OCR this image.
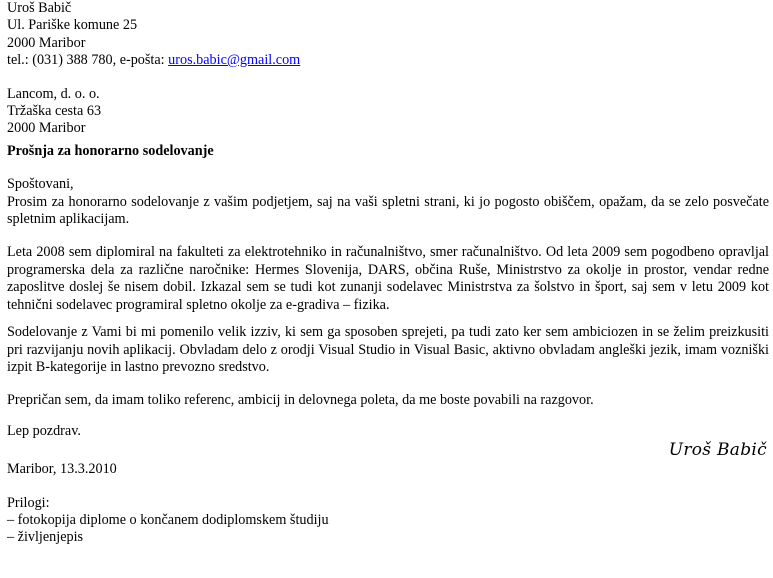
Uroš Babič
Ul. Pariške komune 25
2000 Maribor
tel.: (031) 388 780, e-pošta: uros.babic@gmail.com
Lancom, d. o. o.
Tržaška cesta 63
2000 Maribor
Prošnja za honorarno sodelovanje
Spoštovani,
Prosim za honorarno sodelovanje z vašim podjetjem, saj na vaši spletni strani, ki jo pogosto obiščem, opažam, da se zelo posvečate spletnim aplikacijam.
Leta 2008 sem diplomiral na fakulteti za elektrotehniko in računalništvo, smer računalništvo. Od leta 2009 sem pogodbeno opravljal programerska dela za različne naročnike: Hermes Slovenija, DARS, občina Ruše, Ministrstvo za okolje in prostor, vendar redne zaposlitve doslej še nisem dobil. Izkazal sem se tudi kot zunanji sodelavec Ministrstva za šolstvo in šport, saj sem v letu 2009 kot tehnični sodelavec programiral spletno okolje za e-gradiva – fizika.
Sodelovanje z Vami bi mi pomenilo velik izziv, ki sem ga sposoben sprejeti, pa tudi zato ker sem ambiciozen in se želim preizkusiti pri razvijanju novih aplikacij. Obvladam delo z orodji Visual Studio in Visual Basic, aktivno obvladam angleški jezik, imam vozniški izpit B-kategorije in lastno prevozno sredstvo.
Prepričan sem, da imam toliko referenc, ambicij in delovnega poleta, da me boste povabili na razgovor.
Lep pozdrav.
Uroš Babič
Maribor, 13.3.2010
Prilogi:
– fotokopija diplome o končanem dodiplomskem študiju
– življenjepis
